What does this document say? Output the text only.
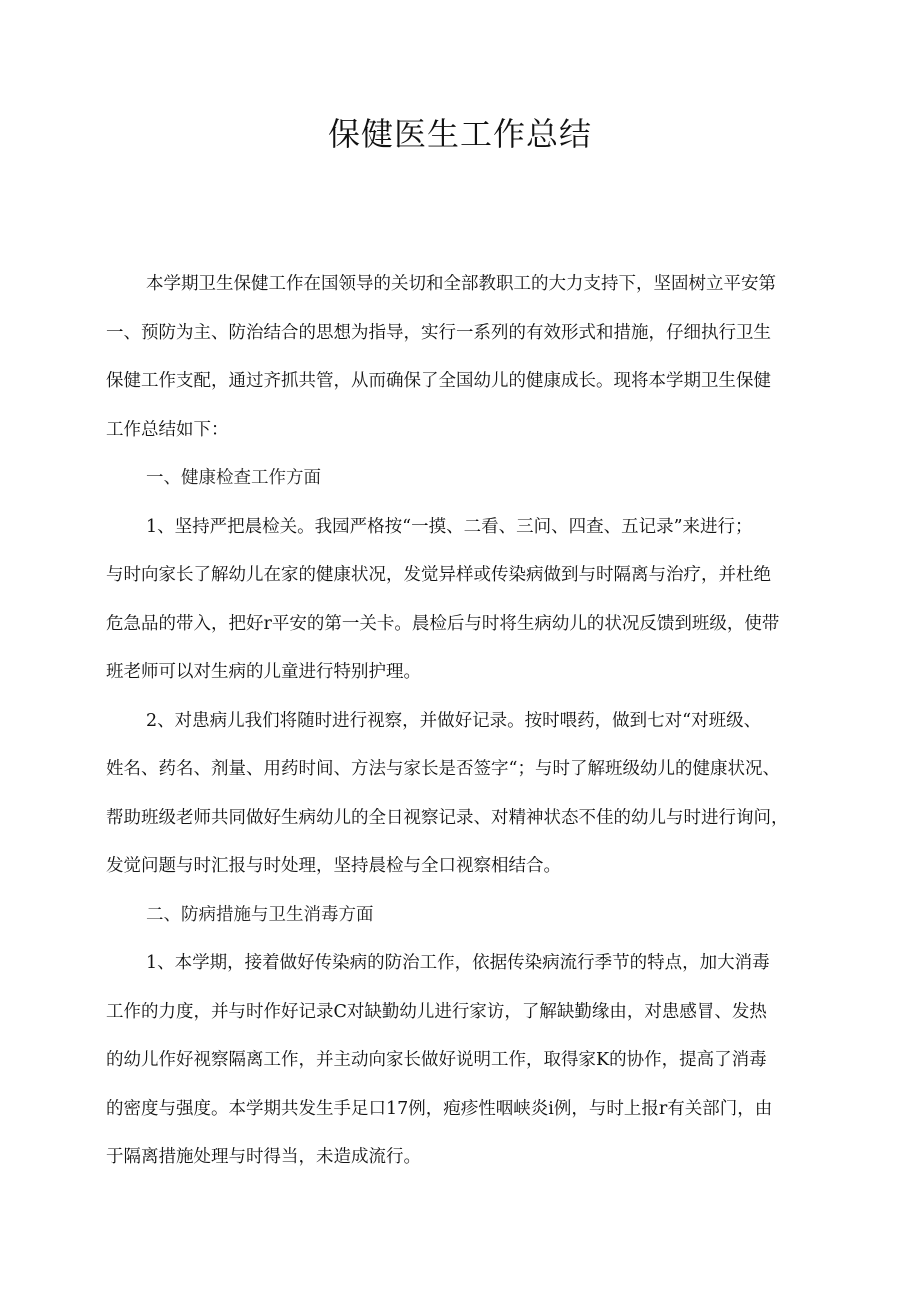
保健医生工作总结
本学期卫生保健工作在国领导的关切和全部教职工的大力支持下，坚固树立平安第
一、预防为主、防治结合的思想为指导，实行一系列的有效形式和措施，仔细执行卫生
保健工作支配，通过齐抓共管，从而确保了全国幼儿的健康成长。现将本学期卫生保健
工作总结如下：
一、健康检查工作方面
1、坚持严把晨检关。我园严格按“一摸、二看、三问、四查、五记录”来进行；
与时向家长了解幼儿在家的健康状况，发觉异样或传染病做到与时隔离与治疗，并杜绝
危急品的带入，把好r平安的第一关卡。晨检后与时将生病幼儿的状况反馈到班级，使带
班老师可以对生病的儿童进行特别护理。
2、对患病儿我们将随时进行视察，并做好记录。按时喂药，做到七对“对班级、
姓名、药名、剂量、用药时间、方法与家长是否签字“；与时了解班级幼儿的健康状况、
帮助班级老师共同做好生病幼儿的全日视察记录、对精神状态不佳的幼儿与时进行询问，
发觉问题与时汇报与时处理，坚持晨检与全口视察相结合。
二、防病措施与卫生消毒方面
1、本学期，接着做好传染病的防治工作，依据传染病流行季节的特点，加大消毒
工作的力度，并与时作好记录C对缺勤幼儿进行家访，了解缺勤缘由，对患感冒、发热
的幼儿作好视察隔离工作，并主动向家长做好说明工作，取得家K的协作，提高了消毒
的密度与强度。本学期共发生手足口17例，疱疹性咽峡炎i例，与时上报r有关部门，由
于隔离措施处理与时得当，未造成流行。
